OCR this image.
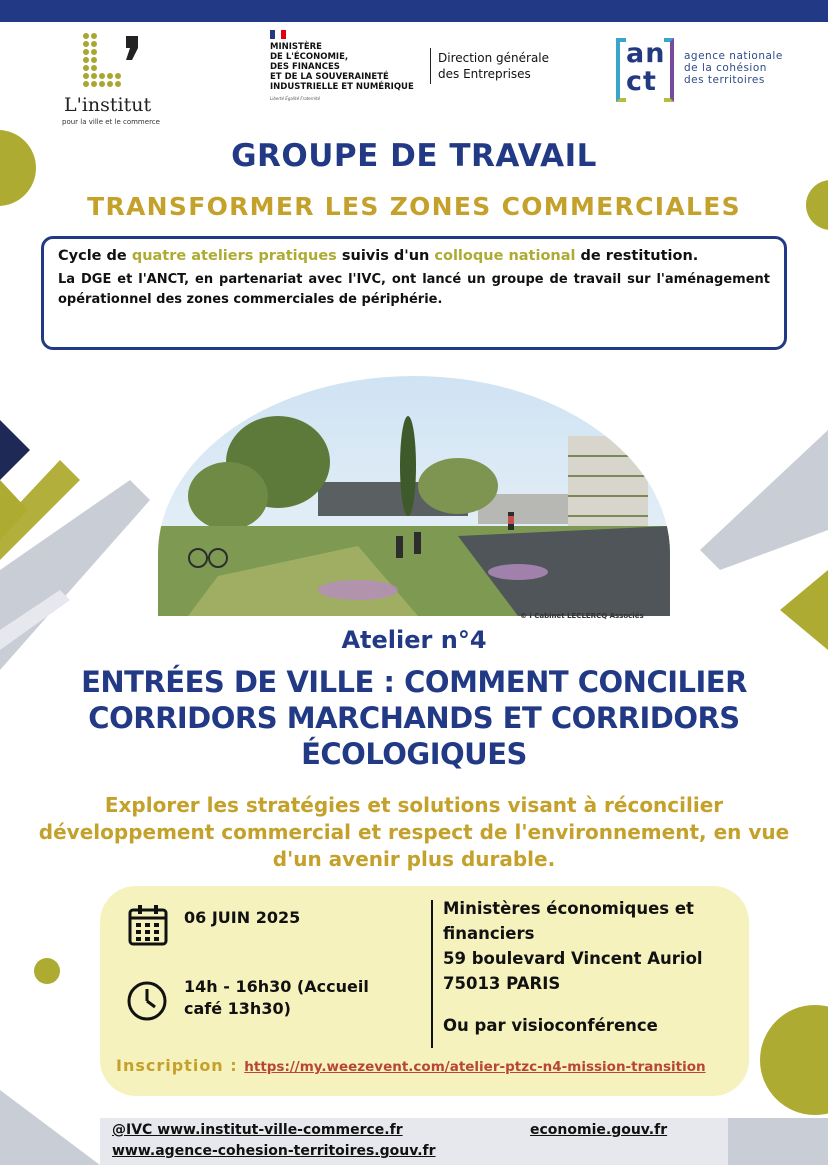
L'institut
pour la ville et le commerce
MINISTÈRE
DE L'ÉCONOMIE,
DES FINANCES
ET DE LA SOUVERAINETÉ
INDUSTRIELLE ET NUMÉRIQUE
Liberté Égalité Fraternité
Direction générale
des Entreprises
an
ct
agence nationale
de la cohésion
des territoires
GROUPE DE TRAVAIL
TRANSFORMER LES ZONES COMMERCIALES

Cycle de quatre ateliers pratiques suivis d'un colloque national de restitution.

La DGE et l'ANCT, en partenariat avec l'IVC, ont lancé un groupe de travail sur l'aménagement opérationnel des zones commerciales de périphérie.

© i Cabinet LECLERCQ Associés
Atelier n°4
ENTRÉES DE VILLE : COMMENT CONCILIER CORRIDORS MARCHANDS ET CORRIDORS ÉCOLOGIQUES
Explorer les stratégies et solutions visant à réconcilier développement commercial et respect de l'environnement, en vue d'un avenir plus durable.
06 JUIN 2025
14h - 16h30 (Accueil café 13h30)
Ministères économiques et financiers
59 boulevard Vincent Auriol
75013 PARIS
Ou par visioconférence
Inscription : https://my.weezevent.com/atelier-ptzc-n4-mission-transition
@IVC www.institut-ville-commerce.fr
www.agence-cohesion-territoires.gouv.fr
economie.gouv.fr
